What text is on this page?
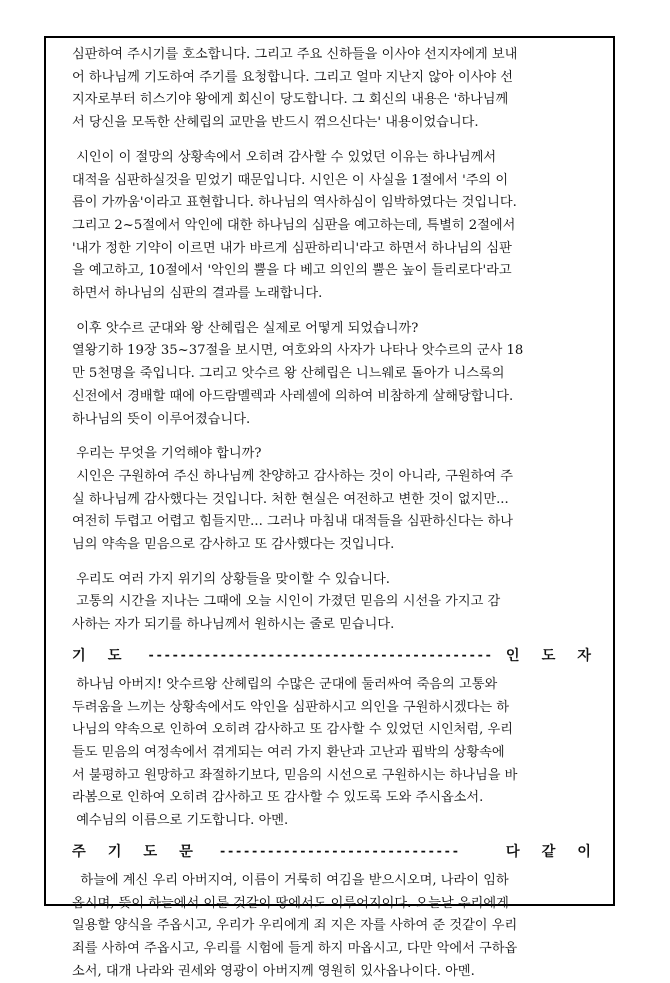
심판하여 주시기를 호소합니다. 그리고 주요 신하들을 이사야 선지자에게 보내
어 하나님께 기도하여 주기를 요청합니다. 그리고 얼마 지난지 않아 이사야 선
지자로부터 히스기야 왕에게 회신이 당도합니다. 그 회신의 내용은 '하나님께
서 당신을 모독한 산헤립의 교만을 반드시 꺾으신다는' 내용이었습니다.
시인이 이 절망의 상황속에서 오히려 감사할 수 있었던 이유는 하나님께서
대적을 심판하실것을 믿었기 때문입니다. 시인은 이 사실을 1절에서 '주의 이
름이 가까움'이라고 표현합니다. 하나님의 역사하심이 임박하였다는 것입니다.
그리고 2~5절에서 악인에 대한 하나님의 심판을 예고하는데, 특별히 2절에서
'내가 정한 기약이 이르면 내가 바르게 심판하리니'라고 하면서 하나님의 심판
을 예고하고, 10절에서 '악인의 뿔을 다 베고 의인의 뿔은 높이 들리로다'라고
하면서 하나님의 심판의 결과를 노래합니다.
이후 앗수르 군대와 왕 산헤립은 실제로 어떻게 되었습니까?
열왕기하 19장 35~37절을 보시면, 여호와의 사자가 나타나 앗수르의 군사 18
만 5천명을 죽입니다. 그리고 앗수르 왕 산헤립은 니느웨로 돌아가 니스록의
신전에서 경배할 때에 아드람멜렉과 사레셀에 의하여 비참하게 살해당합니다.
하나님의 뜻이 이루어졌습니다.
우리는 무엇을 기억해야 합니까?
시인은 구원하여 주신 하나님께 찬양하고 감사하는 것이 아니라, 구원하여 주
실 하나님께 감사했다는 것입니다. 처한 현실은 여전하고 변한 것이 없지만...
여전히 두렵고 어렵고 힘들지만... 그러나 마침내 대적들을 심판하신다는 하나
님의 약속을 믿음으로 감사하고 또 감사했다는 것입니다.
우리도 여러 가지 위기의 상황들을 맞이할 수 있습니다.
고통의 시간을 지나는 그때에 오늘 시인이 가졌던 믿음의 시선을 가지고 감
사하는 자가 되기를 하나님께서 원하시는 줄로 믿습니다.
기도 ------------------------------------------- 인도자
하나님 아버지! 앗수르왕 산헤립의 수많은 군대에 둘러싸여 죽음의 고통와
두려움을 느끼는 상황속에서도 악인을 심판하시고 의인을 구원하시겠다는 하
나님의 약속으로 인하여 오히려 감사하고 또 감사할 수 있었던 시인처럼, 우리
들도 믿음의 여정속에서 겪게되는 여러 가지 환난과 고난과 핍박의 상황속에
서 불평하고 원망하고 좌절하기보다, 믿음의 시선으로 구원하시는 하나님을 바
라봄으로 인하여 오히려 감사하고 또 감사할 수 있도록 도와 주시옵소서.
예수님의 이름으로 기도합니다. 아멘.
주기도문 ------------------------------	다같이
하늘에 계신 우리 아버지여, 이름이 거룩히 여김을 받으시오며, 나라이 임하
옵시며, 뜻이 하늘에서 이룬 것같이 땅에서도 이루어지이다. 오늘날 우리에게
일용할 양식을 주옵시고, 우리가 우리에게 죄 지은 자를 사하여 준 것같이 우리
죄를 사하여 주옵시고, 우리를 시험에 들게 하지 마옵시고, 다만 악에서 구하옵
소서, 대개 나라와 권세와 영광이 아버지께 영원히 있사옵나이다. 아멘.
